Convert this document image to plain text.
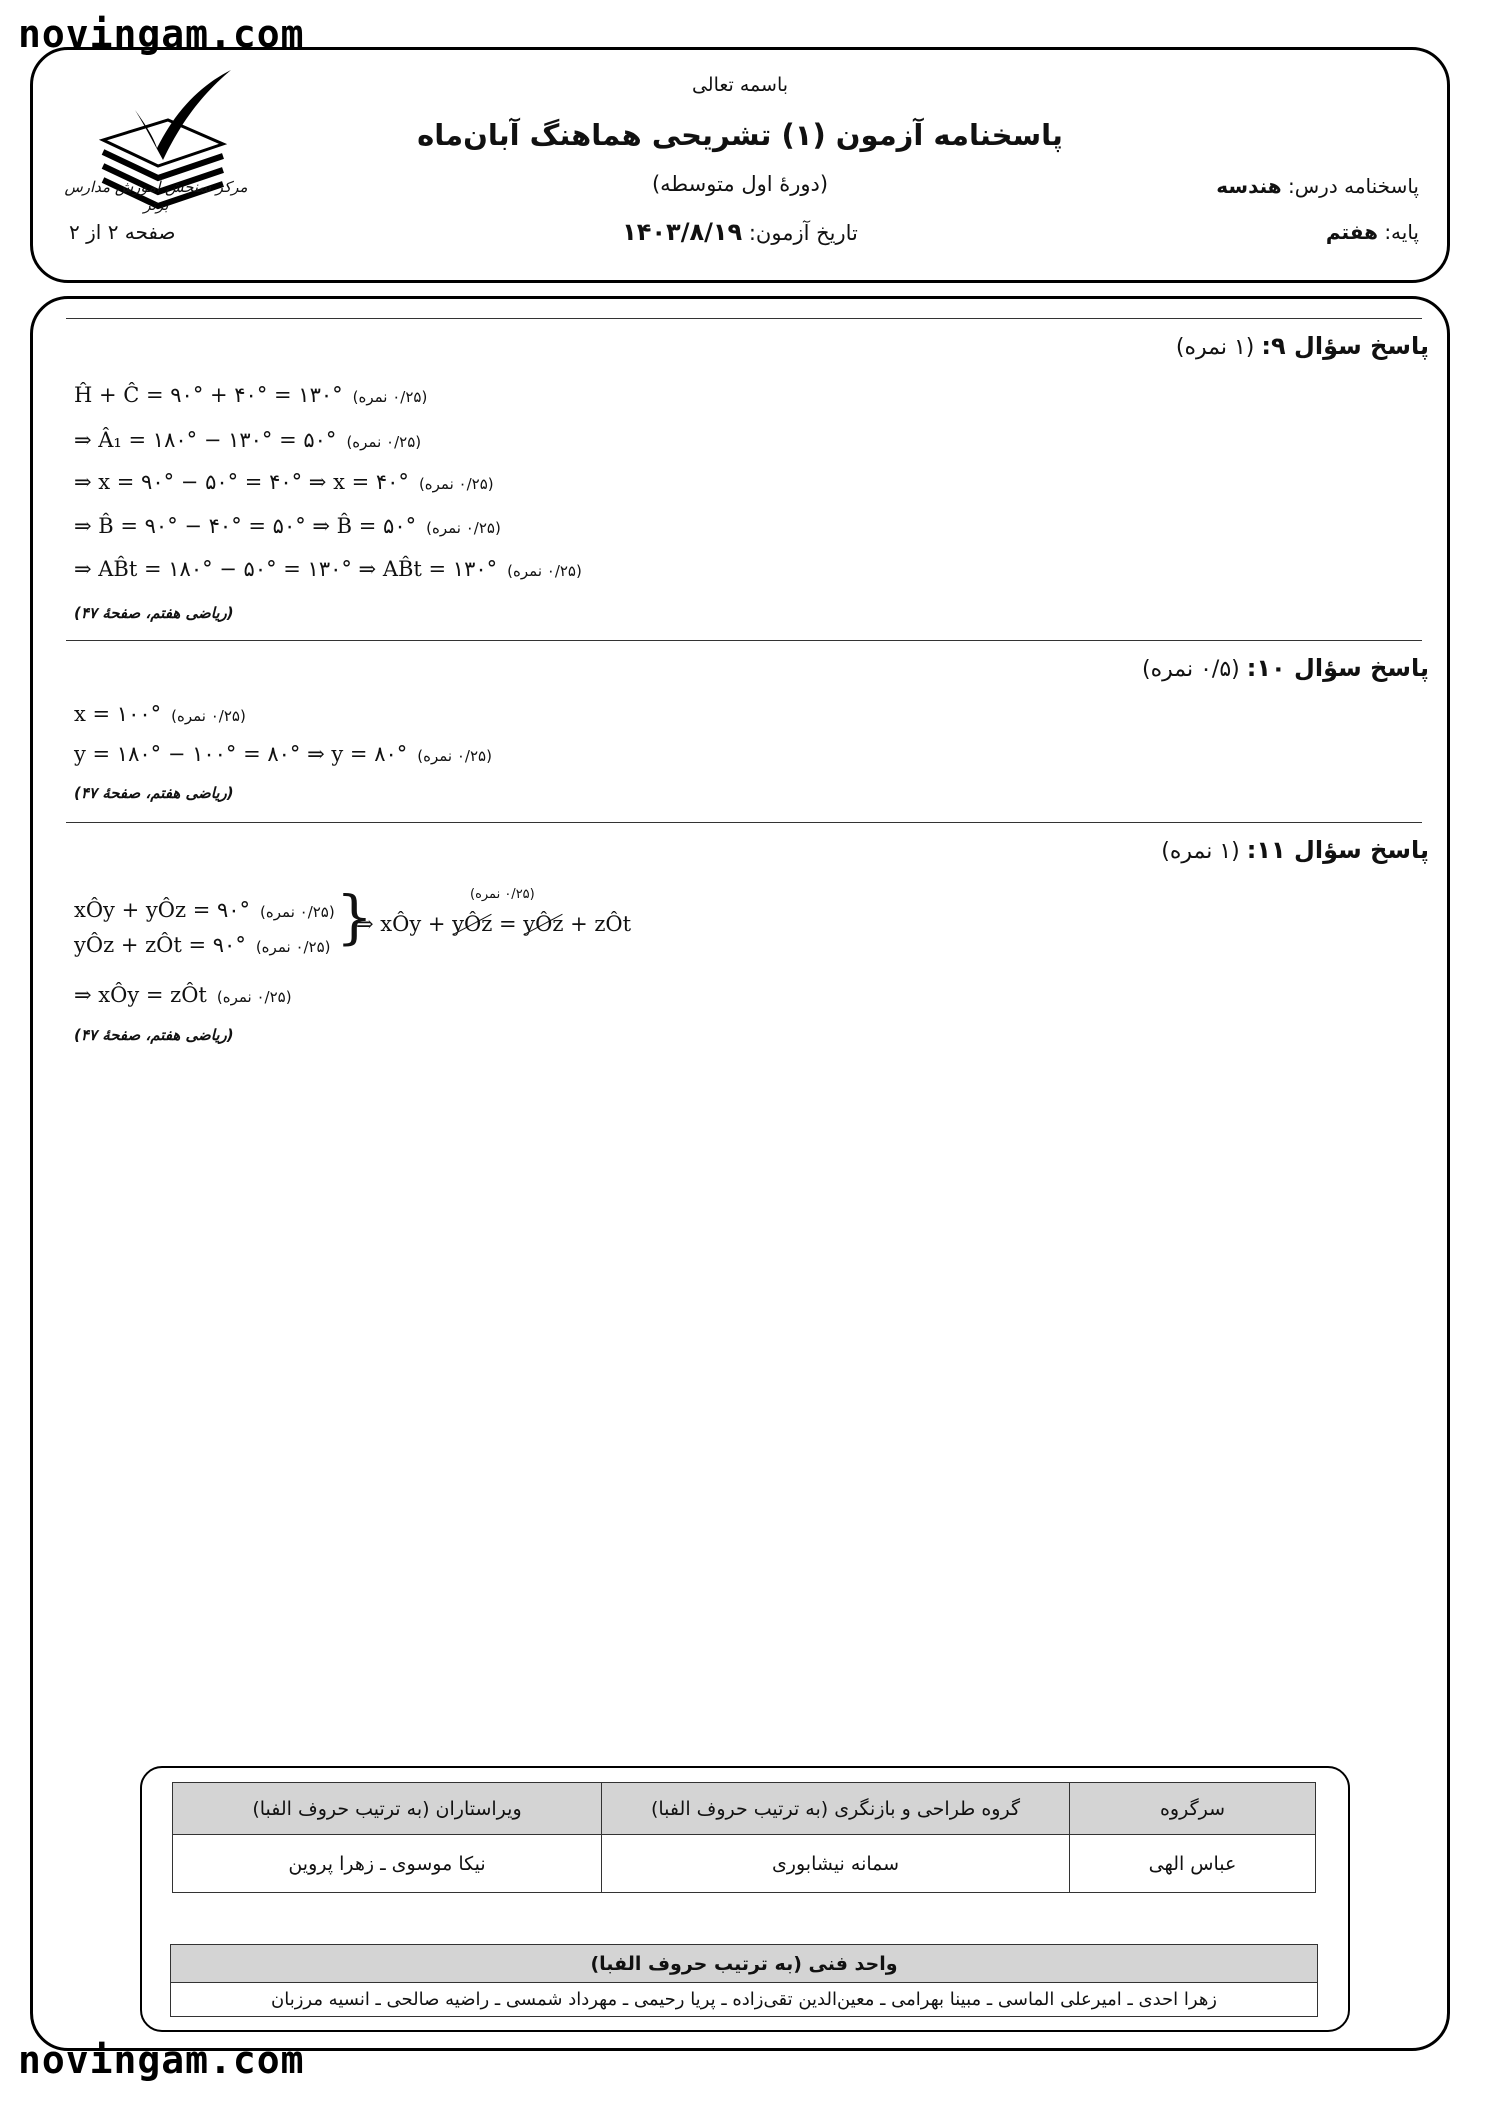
novingam.com
مرکز سنجش آموزش مدارس برتر
باسمه تعالی
پاسخنامه آزمون (۱) تشریحی هماهنگ آبان‌ماه
(دورهٔ اول متوسطه)
تاریخ آزمون: ۱۴۰۳/۸/۱۹
پاسخنامه درس: هندسه
پایه: هفتم
صفحه ۲ از ۲
پاسخ سؤال ۹: (۱ نمره)
Ĥ + Ĉ = ۹۰° + ۴۰° = ۱۳۰° (۰/۲۵ نمره)
⇒ Â₁ = ۱۸۰° − ۱۳۰° = ۵۰° (۰/۲۵ نمره)
⇒ x = ۹۰° − ۵۰° = ۴۰° ⇒ x = ۴۰° (۰/۲۵ نمره)
⇒ B̂ = ۹۰° − ۴۰° = ۵۰° ⇒ B̂ = ۵۰° (۰/۲۵ نمره)
⇒ AB̂t = ۱۸۰° − ۵۰° = ۱۳۰° ⇒ AB̂t = ۱۳۰° (۰/۲۵ نمره)
(ریاضی هفتم، صفحهٔ ۴۷)
پاسخ سؤال ۱۰: (۰/۵ نمره)
x = ۱۰۰° (۰/۲۵ نمره)
y = ۱۸۰° − ۱۰۰° = ۸۰° ⇒ y = ۸۰° (۰/۲۵ نمره)
(ریاضی هفتم، صفحهٔ ۴۷)
پاسخ سؤال ۱۱: (۱ نمره)
xÔy + yÔz = ۹۰° (۰/۲۵ نمره)
yÔz + zÔt = ۹۰° (۰/۲۵ نمره) }	(۰/۲۵ نمره)
⇒ xÔy + yÔz = yÔz + zÔt
⇒ xÔy = zÔt (۰/۲۵ نمره)
(ریاضی هفتم، صفحهٔ ۴۷)
سرگروه	گروه طراحی و بازنگری (به ترتیب حروف الفبا)	ویراستاران (به ترتیب حروف الفبا)
عباس الهی	سمانه نیشابوری	نیکا موسوی ـ زهرا پروین
واحد فنی (به ترتیب حروف الفبا)
زهرا احدی ـ امیرعلی الماسی ـ مبینا بهرامی ـ معین‌الدین تقی‌زاده ـ پریا رحیمی ـ مهرداد شمسی ـ راضیه صالحی ـ انسیه مرزبان
novingam.com
